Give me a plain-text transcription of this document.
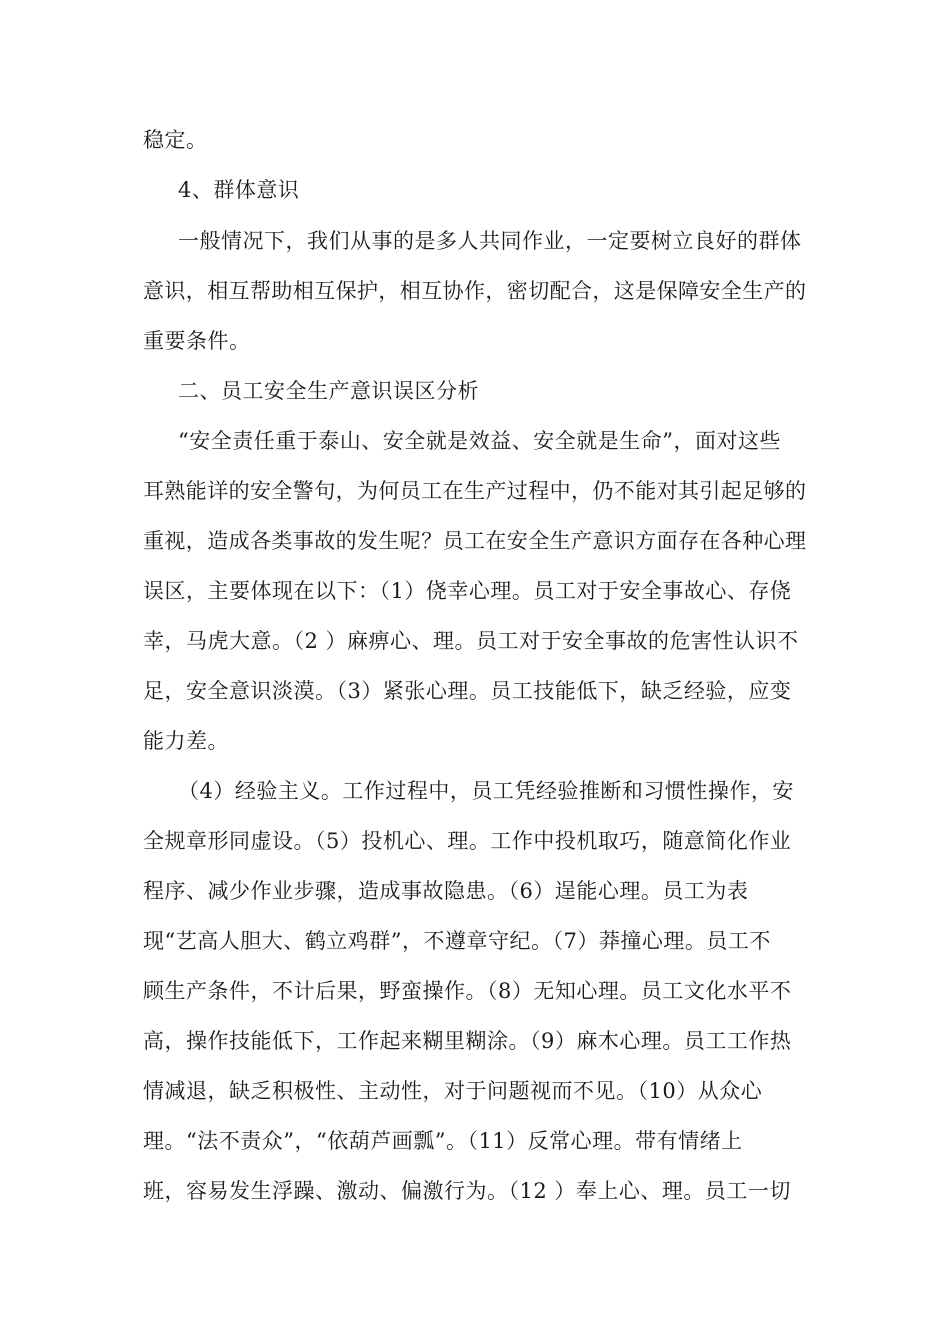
稳定。
4、群体意识
一般情况下，我们从事的是多人共同作业，一定要树立良好的群体
意识，相互帮助相互保护，相互协作，密切配合，这是保障安全生产的
重要条件。
二、员工安全生产意识误区分析
“安全责任重于泰山、安全就是效益、安全就是生命”，面对这些
耳熟能详的安全警句，为何员工在生产过程中，仍不能对其引起足够的
重视，造成各类事故的发生呢？员工在安全生产意识方面存在各种心理
误区，主要体现在以下：（1）侥幸心理。员工对于安全事故心、存侥
幸，马虎大意。（2 ）麻痹心、理。员工对于安全事故的危害性认识不
足，安全意识淡漠。（3）紧张心理。员工技能低下，缺乏经验，应变
能力差。
（4）经验主义。工作过程中，员工凭经验推断和习惯性操作，安
全规章形同虚设。（5）投机心、理。工作中投机取巧，随意简化作业
程序、减少作业步骤，造成事故隐患。（6）逞能心理。员工为表
现“艺高人胆大、鹤立鸡群”，不遵章守纪。（7）莽撞心理。员工不
顾生产条件，不计后果，野蛮操作。（8）无知心理。员工文化水平不
高，操作技能低下，工作起来糊里糊涂。（9）麻木心理。员工工作热
情减退，缺乏积极性、主动性，对于问题视而不见。（10）从众心
理。“法不责众”，“依葫芦画瓢”。（11）反常心理。带有情绪上
班，容易发生浮躁、激动、偏激行为。（12 ）奉上心、理。员工一切
